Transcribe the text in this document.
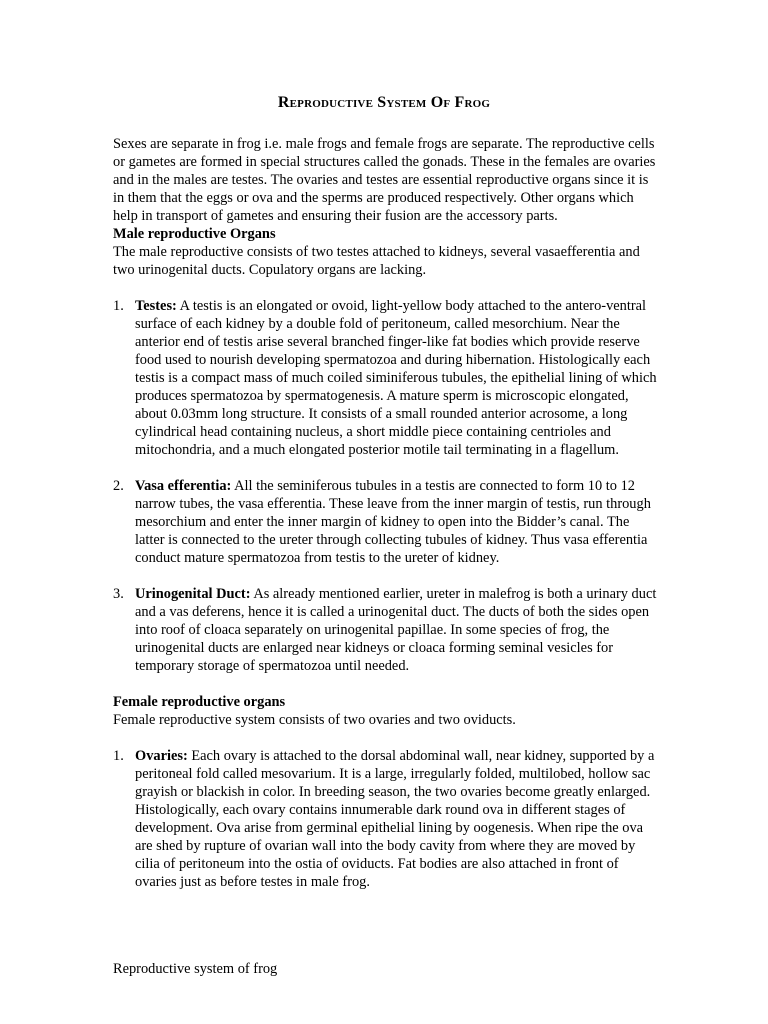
Reproductive System Of Frog

Sexes are separate in frog i.e. male frogs and female frogs are separate. The reproductive cells or gametes are formed in special structures called the gonads. These in the females are ovaries and in the males are testes. The ovaries and testes are essential reproductive organs since it is in them that the eggs or ova and the sperms are produced respectively. Other organs which help in transport of gametes and ensuring their fusion are the accessory parts.

Male reproductive Organs

The male reproductive consists of two testes attached to kidneys, several vasaefferentia and two urinogenital ducts. Copulatory organs are lacking.

1. Testes: A testis is an elongated or ovoid, light-yellow body attached to the antero-ventral surface of each kidney by a double fold of peritoneum, called mesorchium. Near the anterior end of testis arise several branched finger-like fat bodies which provide reserve food used to nourish developing spermatozoa and during hibernation. Histologically each testis is a compact mass of much coiled siminiferous tubules, the epithelial lining of which produces spermatozoa by spermatogenesis. A mature sperm is microscopic elongated, about 0.03mm long structure. It consists of a small rounded anterior acrosome, a long cylindrical head containing nucleus, a short middle piece containing centrioles and mitochondria, and a much elongated posterior motile tail terminating in a flagellum.
2. Vasa efferentia: All the seminiferous tubules in a testis are connected to form 10 to 12 narrow tubes, the vasa efferentia. These leave from the inner margin of testis, run through mesorchium and enter the inner margin of kidney to open into the Bidder’s canal. The latter is connected to the ureter through collecting tubules of kidney. Thus vasa efferentia conduct mature spermatozoa from testis to the ureter of kidney.
3. Urinogenital Duct: As already mentioned earlier, ureter in malefrog is both a urinary duct and a vas deferens, hence it is called a urinogenital duct. The ducts of both the sides open into roof of cloaca separately on urinogenital papillae. In some species of frog, the urinogenital ducts are enlarged near kidneys or cloaca forming seminal vesicles for temporary storage of spermatozoa until needed.

Female reproductive organs

Female reproductive system consists of two ovaries and two oviducts.

1. Ovaries: Each ovary is attached to the dorsal abdominal wall, near kidney, supported by a peritoneal fold called mesovarium. It is a large, irregularly folded, multilobed, hollow sac grayish or blackish in color. In breeding season, the two ovaries become greatly enlarged. Histologically, each ovary contains innumerable dark round ova in different stages of development. Ova arise from germinal epithelial lining by oogenesis. When ripe the ova are shed by rupture of ovarian wall into the body cavity from where they are moved by cilia of peritoneum into the ostia of oviducts. Fat bodies are also attached in front of ovaries just as before testes in male frog.

Reproductive system of frog
